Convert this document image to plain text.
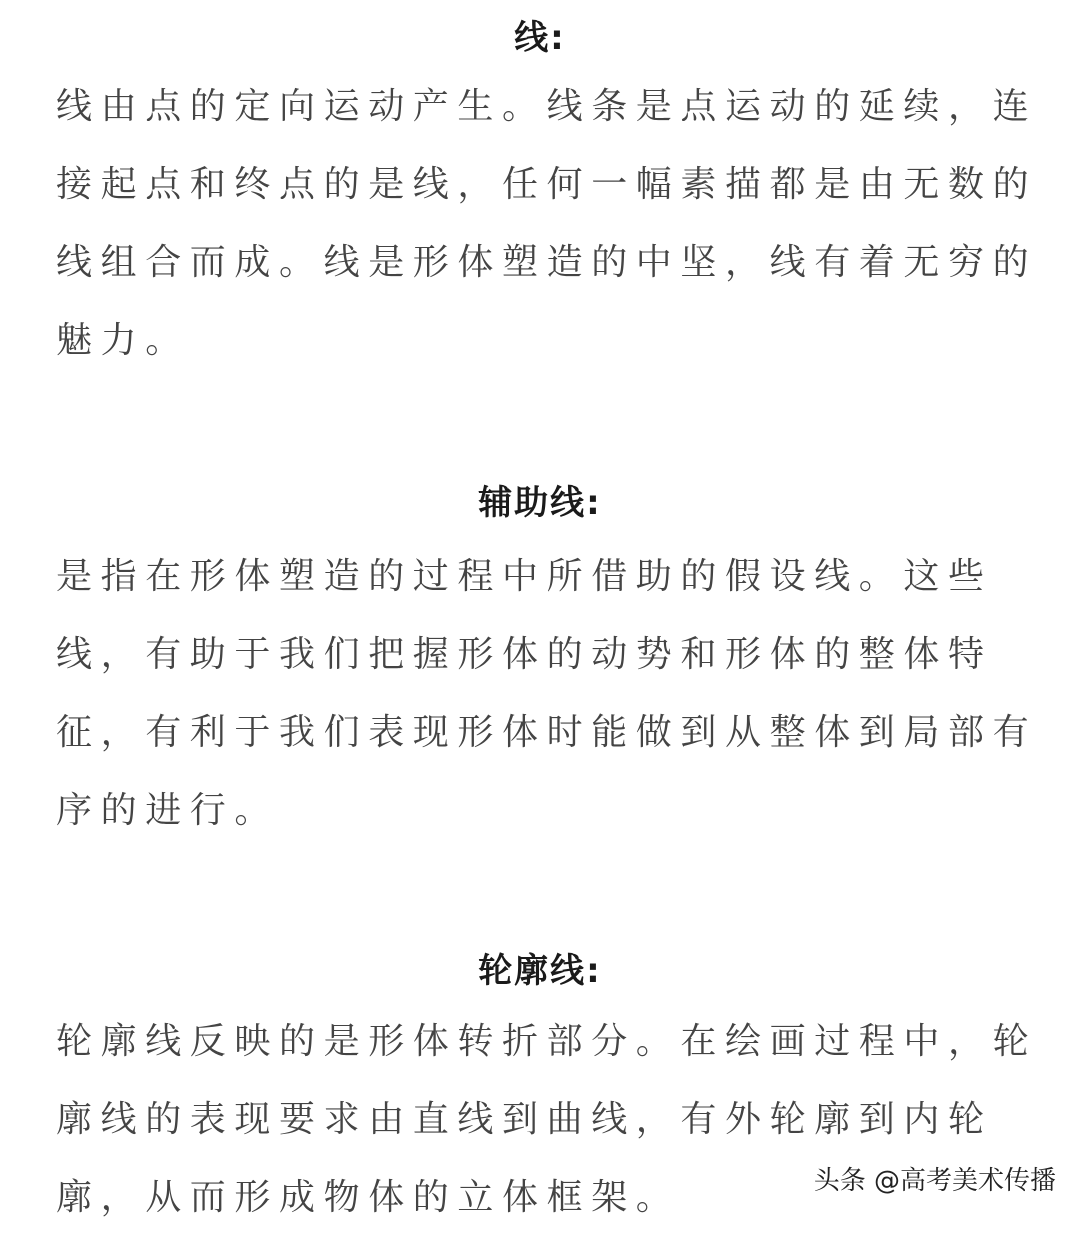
线:
线由点的定向运动产生。线条是点运动的延续，连
接起点和终点的是线，任何一幅素描都是由无数的
线组合而成。线是形体塑造的中坚，线有着无穷的
魅力。
辅助线:
是指在形体塑造的过程中所借助的假设线。这些
线，有助于我们把握形体的动势和形体的整体特
征，有利于我们表现形体时能做到从整体到局部有
序的进行。
轮廓线:
轮廓线反映的是形体转折部分。在绘画过程中，轮
廓线的表现要求由直线到曲线，有外轮廓到内轮
廓，从而形成物体的立体框架。	头条 @高考美术传播
